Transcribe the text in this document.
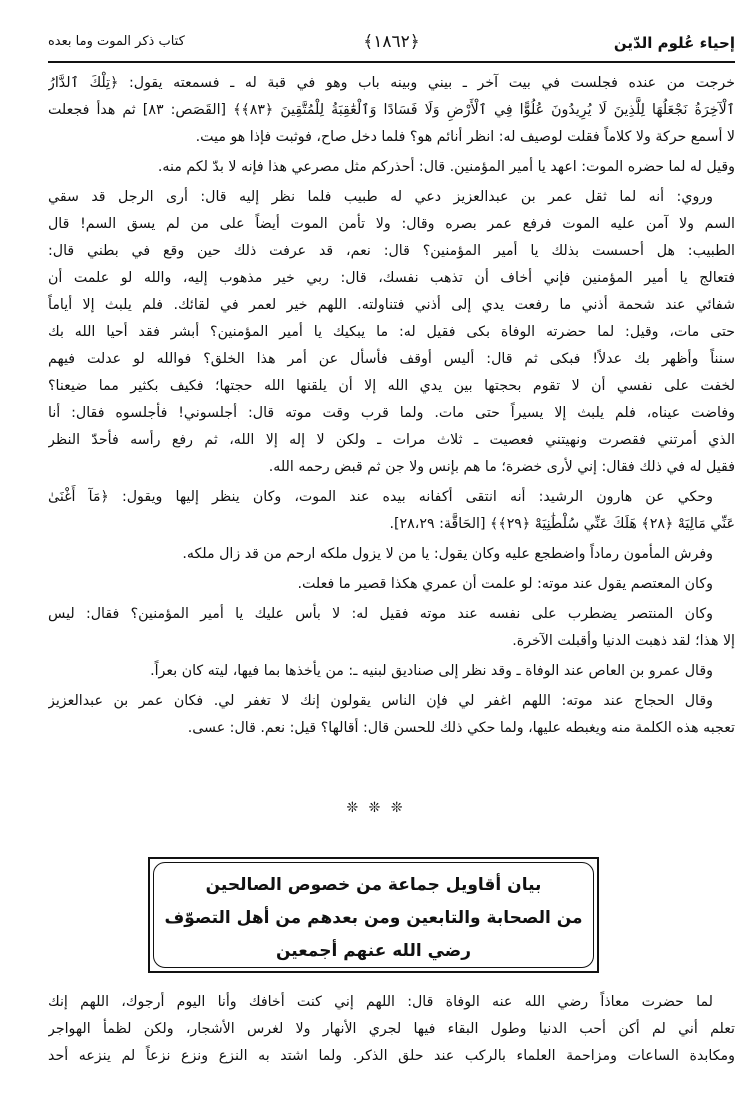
إحياء عُلوم الدّين
﴿١٨٦٢﴾
كتاب ذكر الموت وما بعده
خرجت من عنده فجلست في بيت آخر ـ بيني وبينه باب وهو في قبة له ـ فسمعته يقول: ﴿تِلْكَ ٱلدَّارُ
ٱلْآخِرَةُ نَجْعَلُهَا لِلَّذِينَ لَا يُرِيدُونَ عُلُوًّا فِي ٱلْأَرْضِ وَلَا فَسَادًا وَٱلْعَٰقِبَةُ لِلْمُتَّقِينَ ﴿٨٣﴾﴾ [القَصَص: ٨٣] ثم هدأ فجعلت
لا أسمع حركة ولا كلاماً فقلت لوصيف له: انظر أنائم هو؟ فلما دخل صاح، فوثبت فإذا هو ميت.
وقيل له لما حضره الموت: اعهد يا أمير المؤمنين. قال: أحذركم مثل مصرعي هذا فإنه لا بدّ لكم منه.
وروي: أنه لما ثقل عمر بن عبدالعزيز دعي له طبيب فلما نظر إليه قال: أرى الرجل قد سقي
السم ولا آمن عليه الموت فرفع عمر بصره وقال: ولا تأمن الموت أيضاً على من لم يسق السم! قال
الطبيب: هل أحسست بذلك يا أمير المؤمنين؟ قال: نعم، قد عرفت ذلك حين وقع في بطني قال:
فتعالج يا أمير المؤمنين فإني أخاف أن تذهب نفسك، قال: ربي خير مذهوب إليه، والله لو علمت أن
شفائي عند شحمة أذني ما رفعت يدي إلى أذني فتناولته. اللهم خير لعمر في لقائك. فلم يلبث إلا أياماً
حتى مات، وقيل: لما حضرته الوفاة بكى فقيل له: ما يبكيك يا أمير المؤمنين؟ أبشر فقد أحيا الله بك
سنناً وأظهر بك عدلاً! فبكى ثم قال: أليس أوقف فأسأل عن أمر هذا الخلق؟ فوالله لو عدلت فيهم
لخفت على نفسي أن لا تقوم بحجتها بين يدي الله إلا أن يلقنها الله حجتها؛ فكيف بكثير مما ضيعنا؟
وفاضت عيناه، فلم يلبث إلا يسيراً حتى مات. ولما قرب وقت موته قال: أجلسوني! فأجلسوه فقال: أنا
الذي أمرتني فقصرت ونهيتني فعصيت ـ ثلاث مرات ـ ولكن لا إله إلا الله، ثم رفع رأسه فأحدّ النظر
فقيل له في ذلك فقال: إني لأرى خضرة؛ ما هم بإنس ولا جن ثم قبض رحمه الله.
وحكي عن هارون الرشيد: أنه انتقى أكفانه بيده عند الموت، وكان ينظر إليها ويقول: ﴿مَآ أَغْنَىٰ
عَنِّي مَالِيَهْ ﴿٢٨﴾ هَلَكَ عَنِّي سُلْطَٰنِيَهْ ﴿٢٩﴾﴾ [الحَاقَّة: ٢٨،٢٩].
وفرش المأمون رماداً واضطجع عليه وكان يقول: يا من لا يزول ملكه ارحم من قد زال ملكه.
وكان المعتصم يقول عند موته: لو علمت أن عمري هكذا قصير ما فعلت.
وكان المنتصر يضطرب على نفسه عند موته فقيل له: لا بأس عليك يا أمير المؤمنين؟ فقال: ليس
إلا هذا؛ لقد ذهبت الدنيا وأقبلت الآخرة.
وقال عمرو بن العاص عند الوفاة ـ وقد نظر إلى صناديق لبنيه ـ: من يأخذها بما فيها، ليته كان بعراً.
وقال الحجاج عند موته: اللهم اغفر لي فإن الناس يقولون إنك لا تغفر لي. فكان عمر بن عبدالعزيز
تعجبه هذه الكلمة منه ويغبطه عليها، ولما حكي ذلك للحسن قال: أقالها؟ قيل: نعم. قال: عسى.
❊ ❊ ❊
بيان أقاويل جماعة من خصوص الصالحين
من الصحابة والتابعين ومن بعدهم من أهل التصوّف
رضي الله عنهم أجمعين
لما حضرت معاذاً رضي الله عنه الوفاة قال: اللهم إني كنت أخافك وأنا اليوم أرجوك، اللهم إنك
تعلم أني لم أكن أحب الدنيا وطول البقاء فيها لجري الأنهار ولا لغرس الأشجار، ولكن لظمأ الهواجر
ومكابدة الساعات ومزاحمة العلماء بالركب عند حلق الذكر. ولما اشتد به النزع ونزع نزعاً لم ينزعه أحد
